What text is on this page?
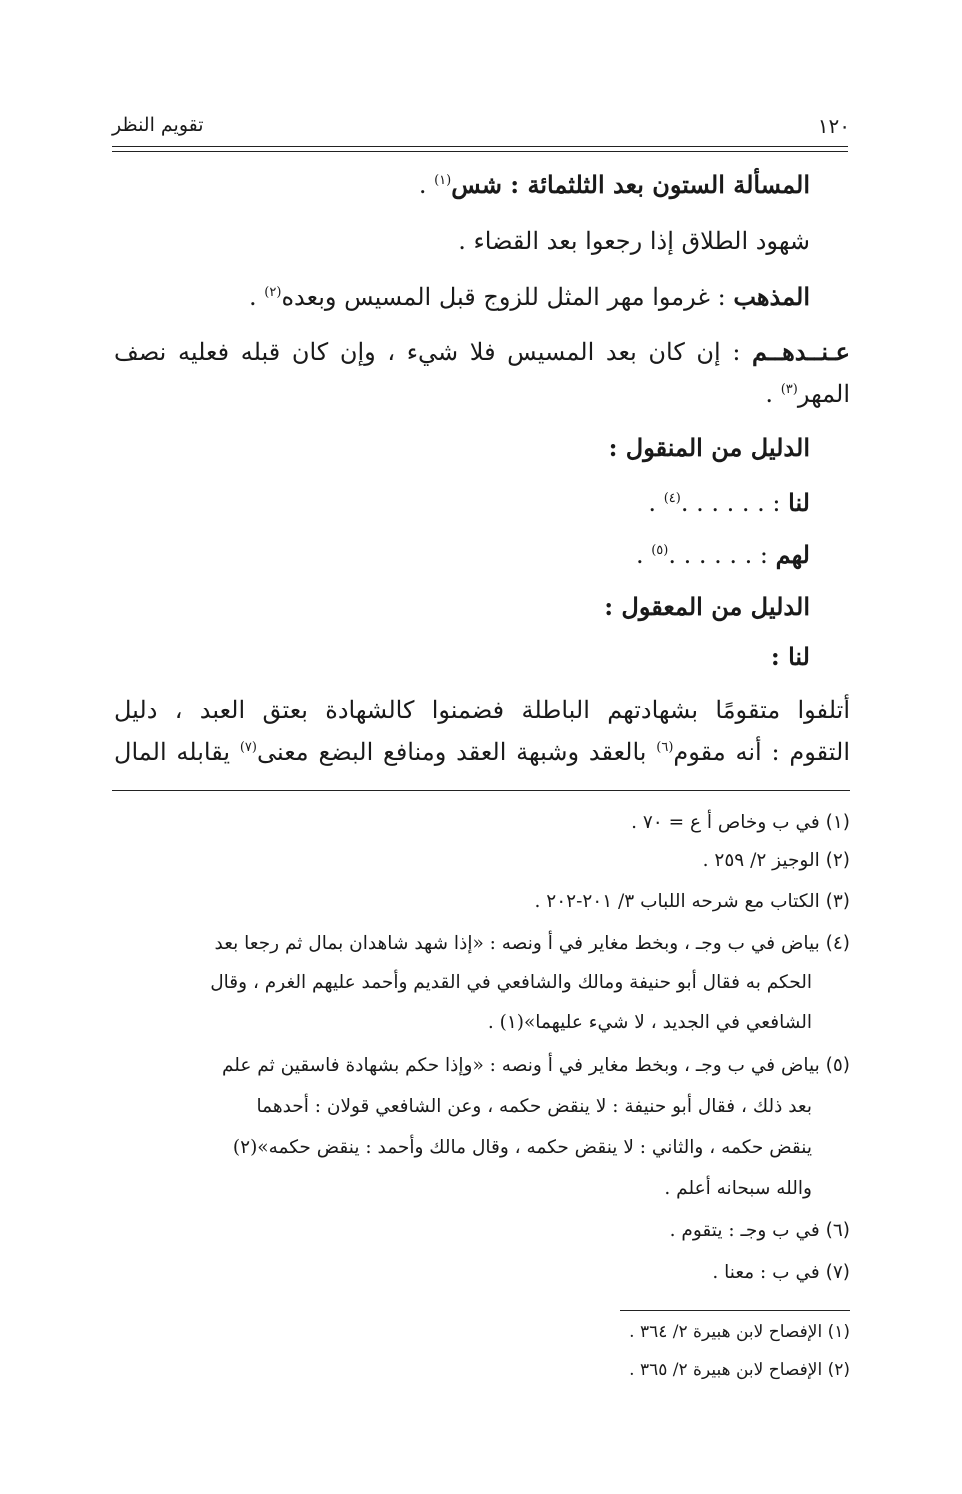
١٢٠
تقويم النظر
المسألة الستون بعد الثلثمائة : شس$^{(١)}$ .
شهود الطلاق إذا رجعوا بعد القضاء .
المذهب : غرموا مهر المثل للزوج قبل المسيس وبعده$^{(٢)}$ .
عـنــدهــم : إن كان بعد المسيس فلا شيء ، وإن كان قبله فعليه نصف
المهر$^{(٣)}$ .
الدليل من المنقول :
لنا : . . . . . .$^{(٤)}$ .
لهم : . . . . . .$^{(٥)}$ .
الدليل من المعقول :
لنا :
أتلفوا متقومًا بشهادتهم الباطلة فضمنوا كالشهادة بعتق العبد ، دليل
التقوم : أنه مقوم$^{(٦)}$ بالعقد وشبهة العقد ومنافع البضع معنى$^{(٧)}$ يقابله المال
(١) في ب وخاص أ ع = ٧٠ .
(٢) الوجيز ٢/ ٢٥٩ .
(٣) الكتاب مع شرحه اللباب ٣/ ٢٠١-٢٠٢ .
(٤) بياض في ب وجـ ، وبخط مغاير في أ ونصه : «إذا شهد شاهدان بمال ثم رجعا بعد
الحكم به فقال أبو حنيفة ومالك والشافعي في القديم وأحمد عليهم الغرم ، وقال
الشافعي في الجديد ، لا شيء عليهما»(١) .
(٥) بياض في ب وجـ ، وبخط مغاير في أ ونصه : «وإذا حكم بشهادة فاسقين ثم علم
بعد ذلك ، فقال أبو حنيفة : لا ينقض حكمه ، وعن الشافعي قولان : أحدهما
ينقض حكمه ، والثاني : لا ينقض حكمه ، وقال مالك وأحمد : ينقض حكمه»(٢)
والله سبحانه أعلم .
(٦) في ب وجـ : يتقوم .
(٧) في ب : معنا .
(١) الإفصاح لابن هبيرة ٢/ ٣٦٤ .
(٢) الإفصاح لابن هبيرة ٢/ ٣٦٥ .
